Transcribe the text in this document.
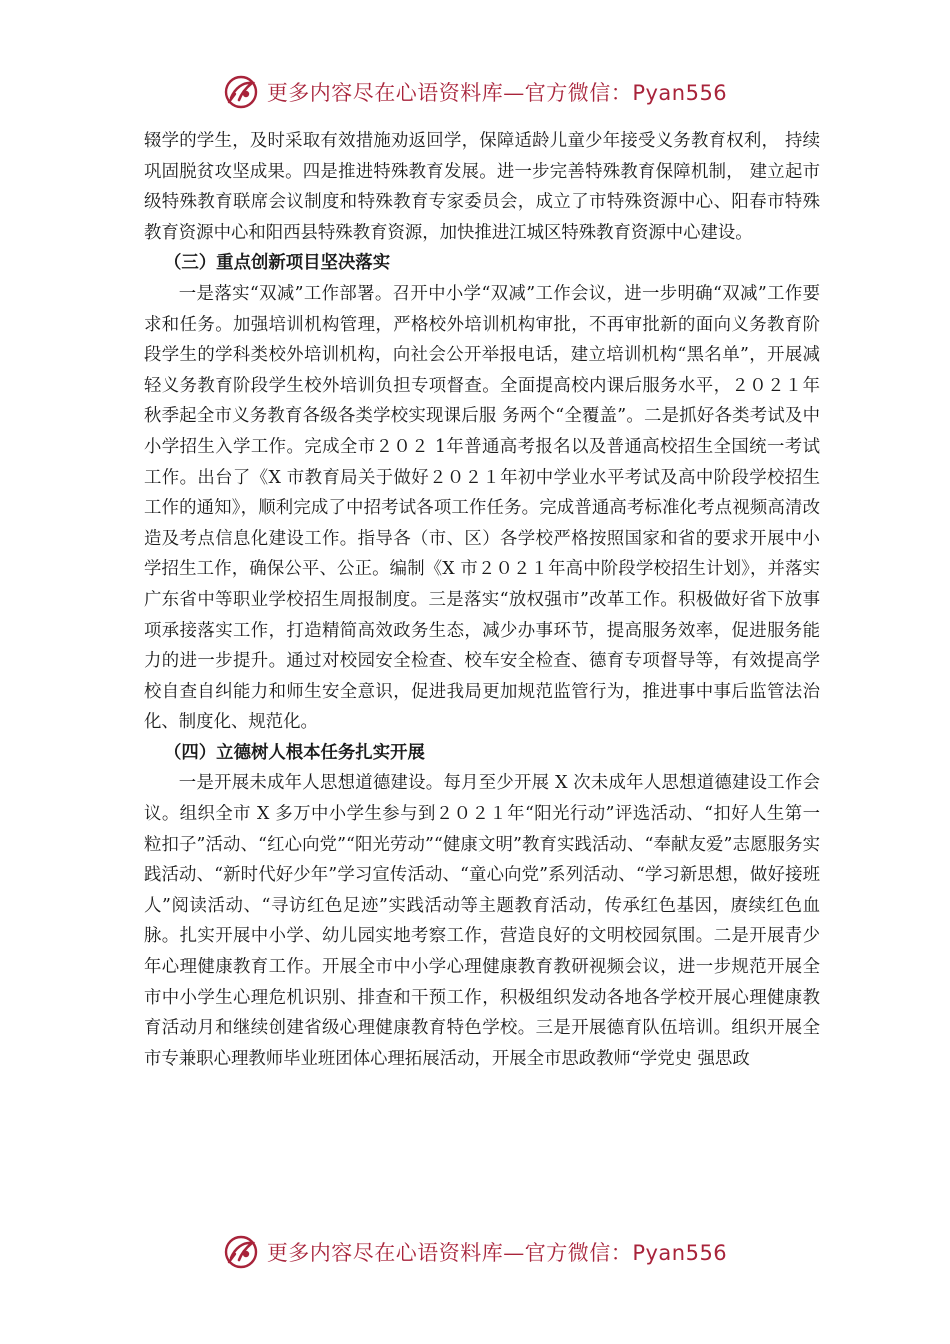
更多内容尽在心语资料库—官方微信：Pyan556

辍学的学生，及时采取有效措施劝返回学，保障适龄儿童少年接受义务教育权利， 持续巩固脱贫攻坚成果。四是推进特殊教育发展。进一步完善特殊教育保障机制， 建立起市级特殊教育联席会议制度和特殊教育专家委员会，成立了市特殊资源中心、阳春市特殊教育资源中心和阳西县特殊教育资源，加快推进江城区特殊教育资源中心建设。

（三）重点创新项目坚决落实

一是落实“双减”工作部署。召开中小学“双减”工作会议，进一步明确“双减”工作要求和任务。加强培训机构管理，严格校外培训机构审批，不再审批新的面向义务教育阶段学生的学科类校外培训机构，向社会公开举报电话，建立培训机构“黑名单”，开展减轻义务教育阶段学生校外培训负担专项督查。全面提高校内课后服务水平，２０２１年秋季起全市义务教育各级各类学校实现课后服 务两个“全覆盖”。二是抓好各类考试及中小学招生入学工作。完成全市２０２ 1年普通高考报名以及普通高校招生全国统一考试工作。出台了《X 市教育局关于做好２０２１年初中学业水平考试及高中阶段学校招生工作的通知》，顺利完成了中招考试各项工作任务。完成普通高考标准化考点视频高清改造及考点信息化建设工作。指导各（市、区）各学校严格按照国家和省的要求开展中小学招生工作，确保公平、公正。编制《X 市２０２１年高中阶段学校招生计划》，并落实广东省中等职业学校招生周报制度。三是落实“放权强市”改革工作。积极做好省下放事项承接落实工作，打造精简高效政务生态，减少办事环节，提高服务效率，促进服务能力的进一步提升。通过对校园安全检查、校车安全检查、德育专项督导等，有效提高学校自查自纠能力和师生安全意识，促进我局更加规范监管行为，推进事中事后监管法治化、制度化、规范化。

（四）立德树人根本任务扎实开展

一是开展未成年人思想道德建设。每月至少开展 X 次未成年人思想道德建设工作会议。组织全市 X 多万中小学生参与到２０２１年“阳光行动”评选活动、“扣好人生第一粒扣子”活动、“红心向党”“阳光劳动”“健康文明”教育实践活动、“奉献友爱”志愿服务实践活动、“新时代好少年”学习宣传活动、“童心向党”系列活动、“学习新思想，做好接班人”阅读活动、“寻访红色足迹”实践活动等主题教育活动，传承红色基因，赓续红色血脉。扎实开展中小学、幼儿园实地考察工作，营造良好的文明校园氛围。二是开展青少年心理健康教育工作。开展全市中小学心理健康教育教研视频会议，进一步规范开展全市中小学生心理危机识别、排查和干预工作，积极组织发动各地各学校开展心理健康教育活动月和继续创建省级心理健康教育特色学校。三是开展德育队伍培训。组织开展全市专兼职心理教师毕业班团体心理拓展活动，开展全市思政教师“学党史 强思政

更多内容尽在心语资料库—官方微信：Pyan556
